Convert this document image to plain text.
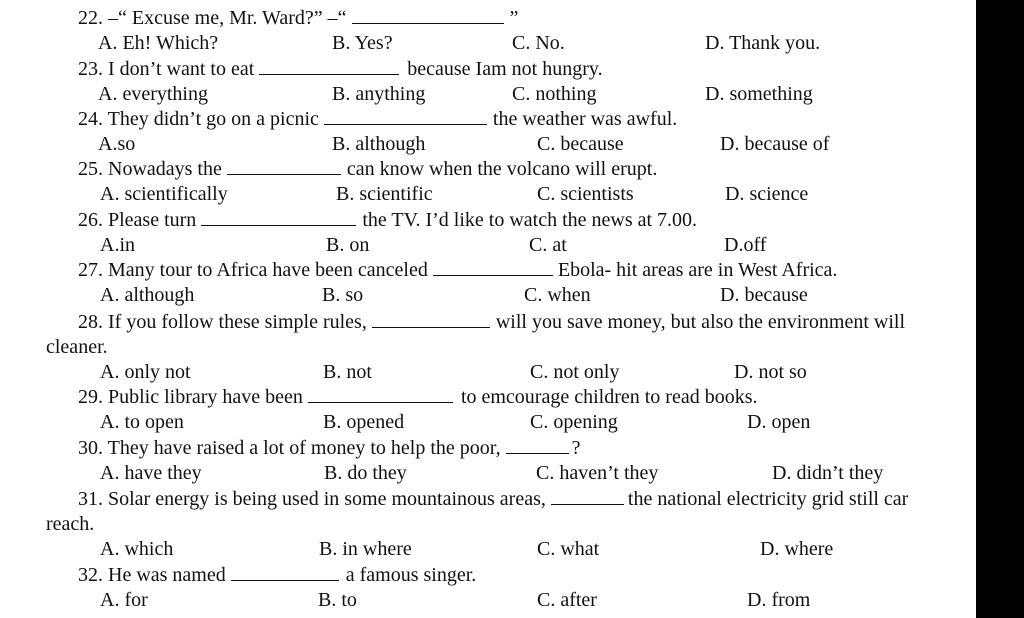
22. –“ Excuse me, Mr. Ward?” –“	”
A. Eh! Which?	B. Yes?	C. No.	D. Thank you.
23. I don’t want to eat	because Iam not hungry.
A. everything	B. anything	C. nothing	D. something
24. They didn’t go on a picnic	the weather was awful.
A.so	B. although	C. because	D. because of
25. Nowadays the	can know when the volcano will erupt.
A. scientifically	B. scientific	C. scientists	D. science
26. Please turn	the TV. I’d like to watch the news at 7.00.
A.in	B. on	C. at	D.off
27. Many tour to Africa have been canceled	Ebola- hit areas are in West Africa.
A. although	B. so	C. when	D. because
28. If you follow these simple rules,	will you save money, but also the environment will
cleaner.
A. only not	B. not	C. not only	D. not so
29. Public library have been	to emcourage children to read books.
A. to open	B. opened	C. opening	D. open
30. They have raised a lot of money to help the poor,	?
A. have they	B. do they	C. haven’t they	D. didn’t they
31. Solar energy is being used in some mountainous areas,	the national electricity grid still car
reach.
A. which	B. in where	C. what	D. where
32. He was named	a famous singer.
A. for	B. to	C. after	D. from
